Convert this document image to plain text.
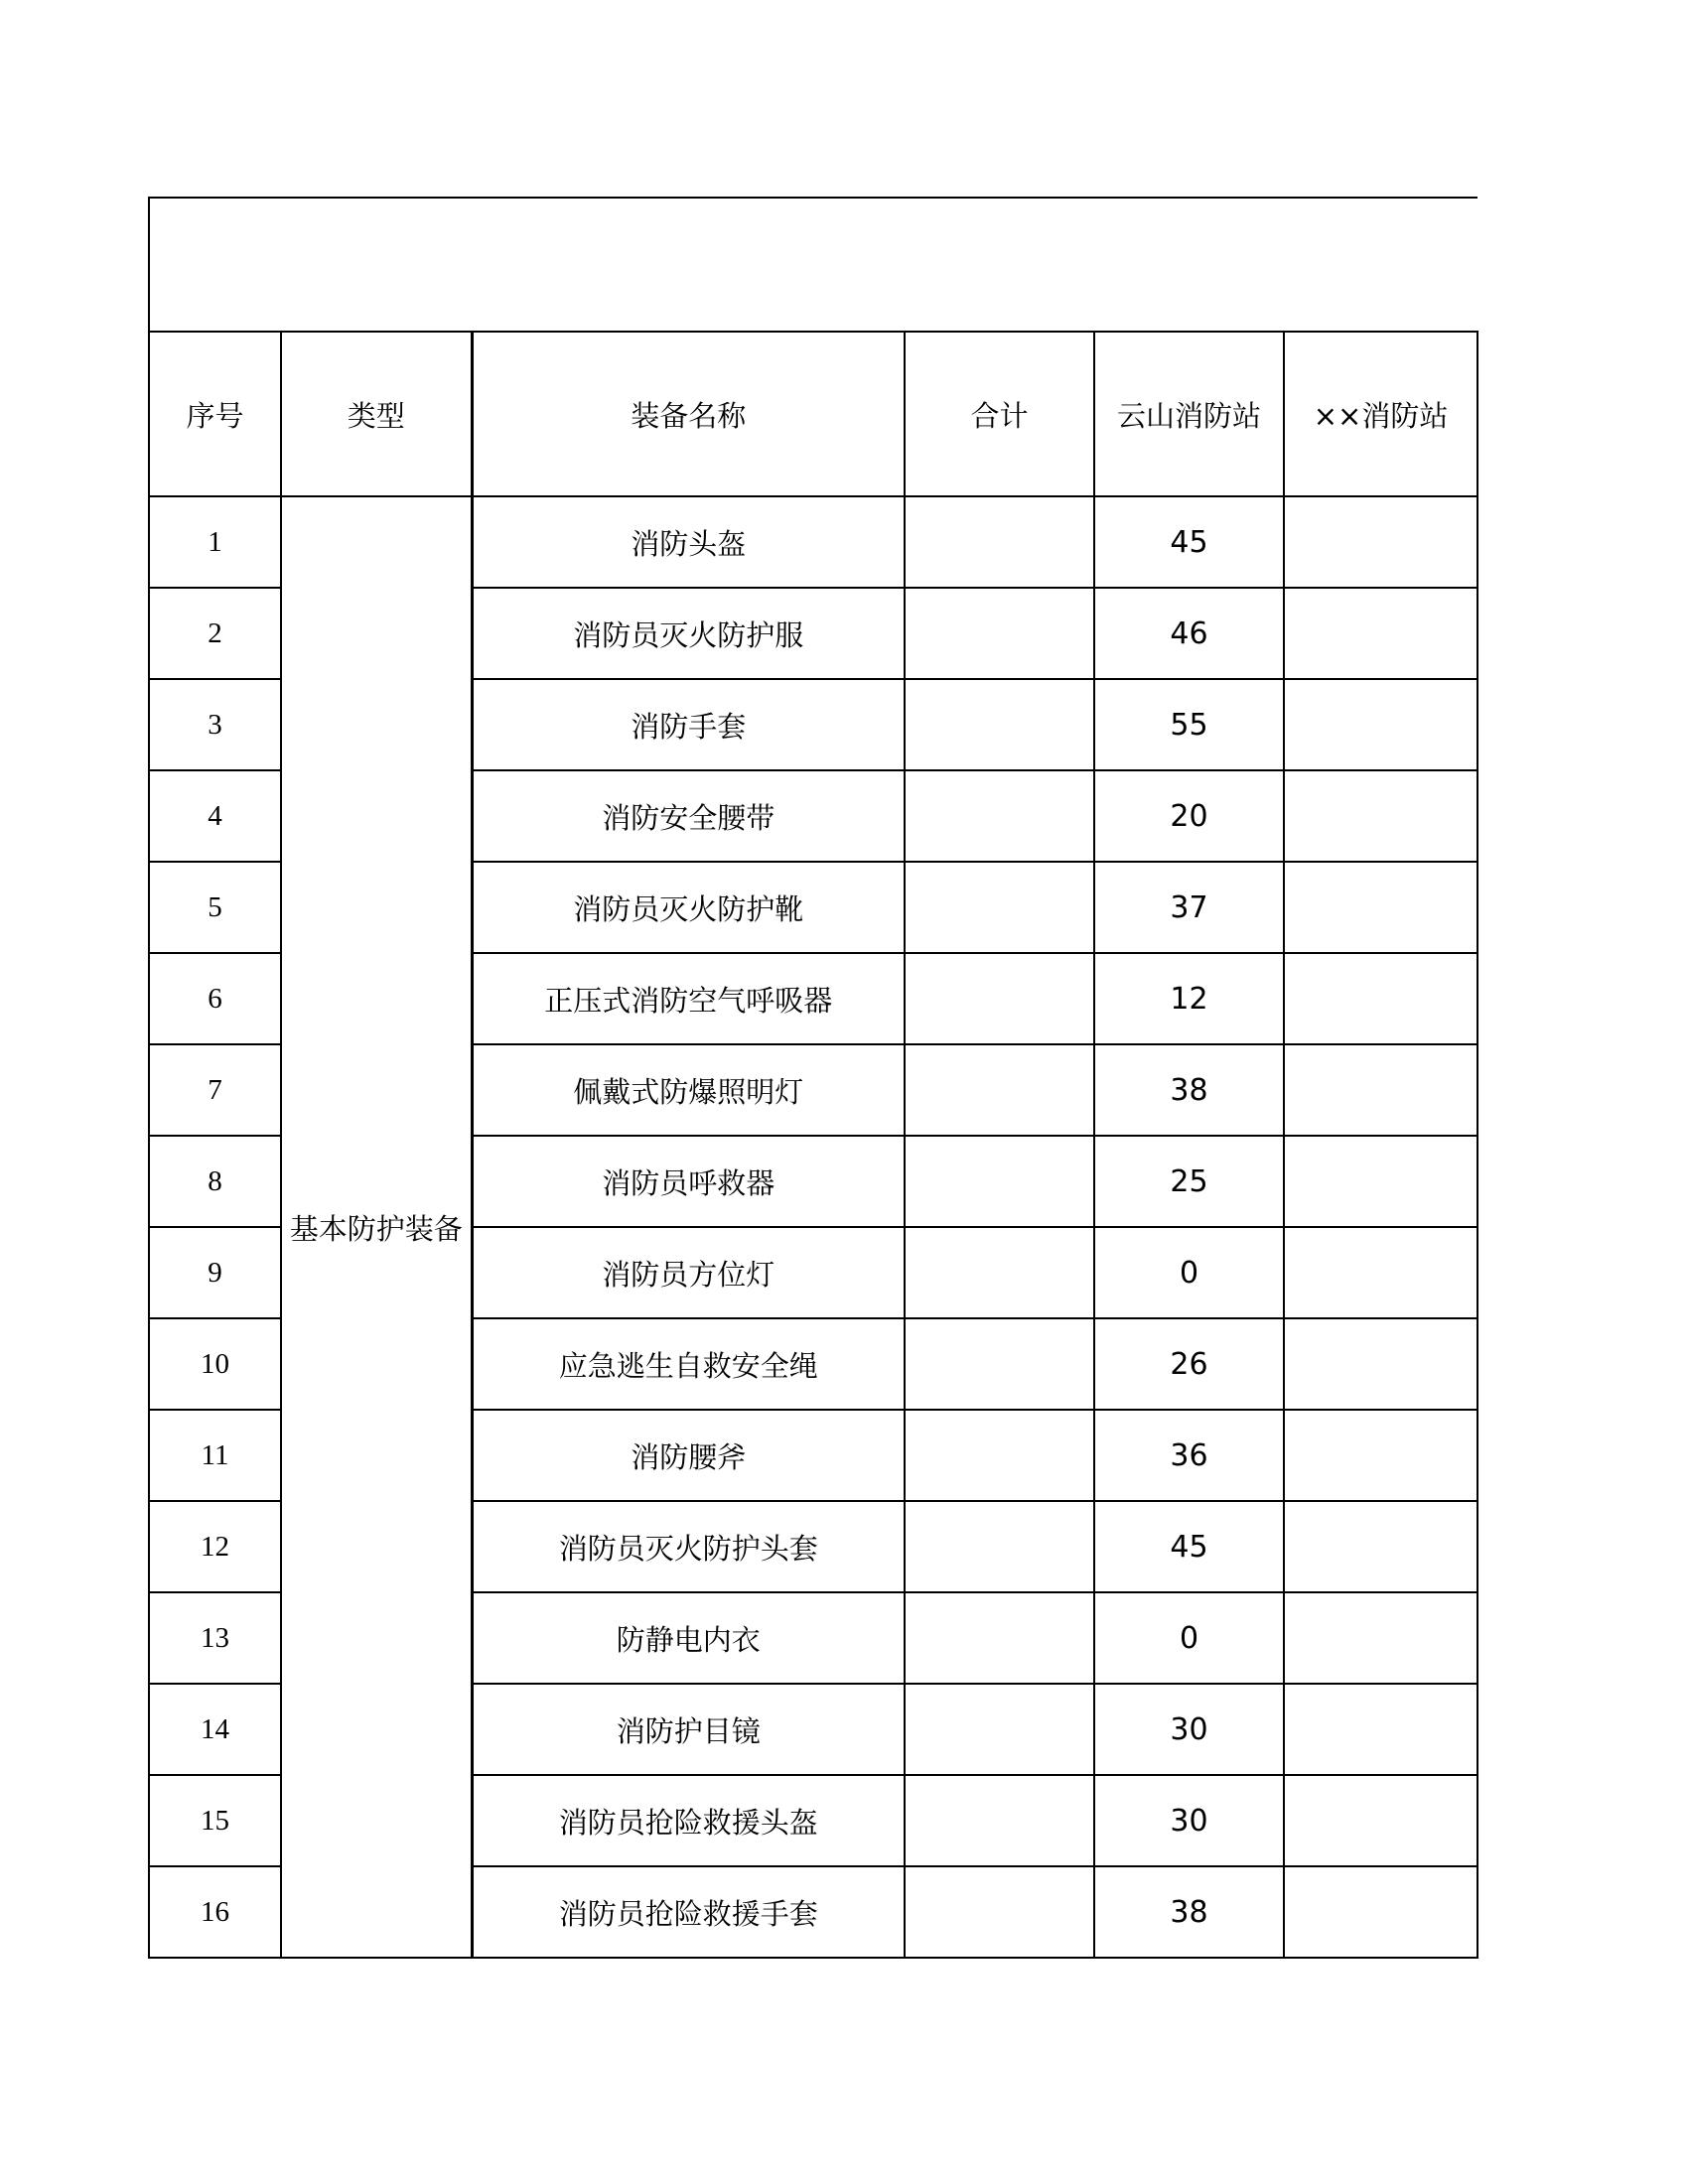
序号	类型	装备名称	合计	云山消防站	××消防站
1	基本防护装备	消防头盔		45	
2		消防员灭火防护服		46	
3		消防手套		55	
4		消防安全腰带		20	
5		消防员灭火防护靴		37	
6		正压式消防空气呼吸器		12	
7		佩戴式防爆照明灯		38	
8		消防员呼救器		25	
9		消防员方位灯		0	
10		应急逃生自救安全绳		26	
11		消防腰斧		36	
12		消防员灭火防护头套		45	
13		防静电内衣		0	
14		消防护目镜		30	
15		消防员抢险救援头盔		30	
16		消防员抢险救援手套		38	
